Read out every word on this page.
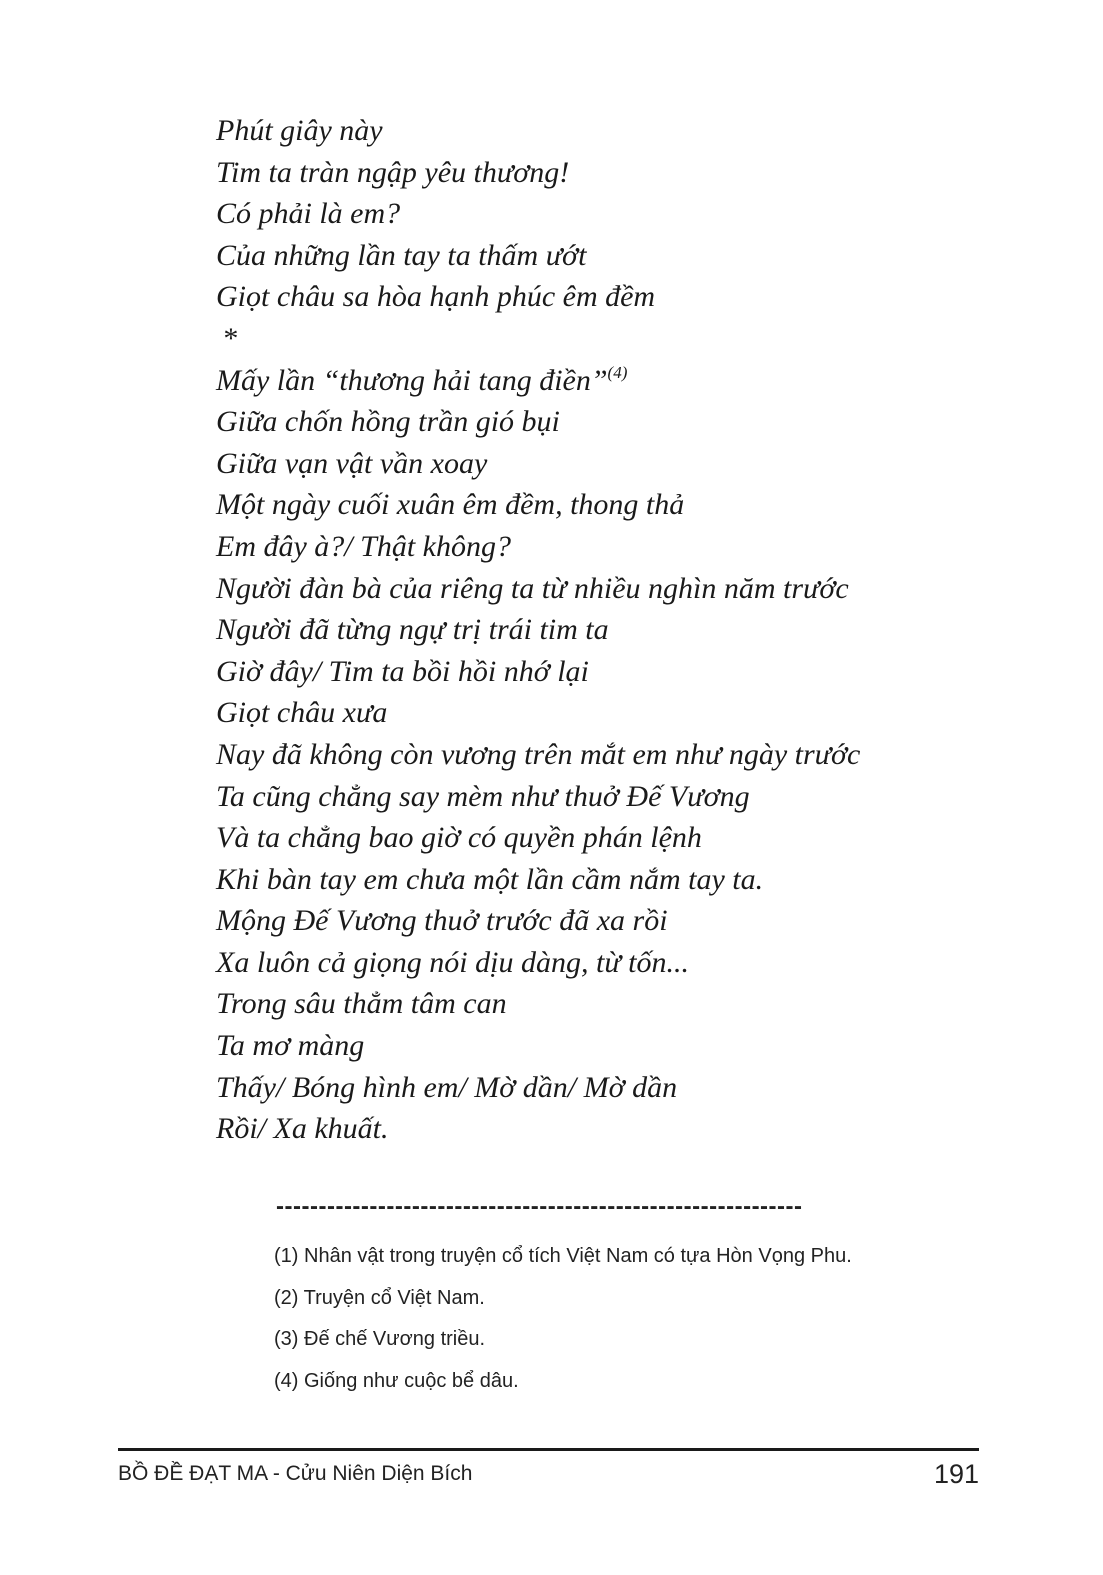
Phút giây này
Tim ta tràn ngập yêu thương!
Có phải là em?
Của những lần tay ta thấm ướt
Giọt châu sa hòa hạnh phúc êm đềm
*
Mấy lần “thương hải tang điền”$^{(4)}$
Giữa chốn hồng trần gió bụi
Giữa vạn vật vần xoay
Một ngày cuối xuân êm đềm, thong thả
Em đây à?/ Thật không?
Người đàn bà của riêng ta từ nhiều nghìn năm trước
Người đã từng ngự trị trái tim ta
Giờ đây/ Tim ta bồi hồi nhớ lại
Giọt châu xưa
Nay đã không còn vương trên mắt em như ngày trước
Ta cũng chẳng say mèm như thuở Đế Vương
Và ta chẳng bao giờ có quyền phán lệnh
Khi bàn tay em chưa một lần cầm nắm tay ta.
Mộng Đế Vương thuở trước đã xa rồi
Xa luôn cả giọng nói dịu dàng, từ tốn...
Trong sâu thẳm tâm can
Ta mơ màng
Thấy/ Bóng hình em/ Mờ dần/ Mờ dần
Rồi/ Xa khuất.
--------------------------------------------------------------
(1) Nhân vật trong truyện cổ tích Việt Nam có tựa Hòn Vọng Phu.
(2) Truyện cổ Việt Nam.
(3) Đế chế Vương triều.
(4) Giống như cuộc bể dâu.
BỒ ĐỀ ĐẠT MA - Cửu Niên Diện Bích	191
